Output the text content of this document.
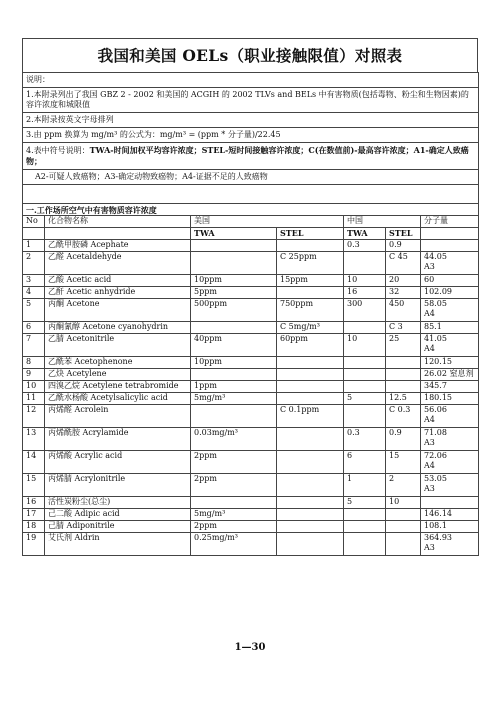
我国和美国 OELs（职业接触限值）对照表
说明：						
1.本附录列出了我国 GBZ 2 - 2002 和美国的 ACGIH 的 2002 TLVs and BELs 中有害物质(包括毒物、粉尘和生物因素)的容许浓度和城限值						
2.本附录按英文字母排列						
3.由 ppm 换算为 mg/m³ 的公式为：mg/m³ = (ppm * 分子量)/22.45						
4.表中符号说明：TWA-时间加权平均容许浓度；STEL-短时间接触容许浓度；C(在数值前)-最高容许浓度；A1-确定人致癌物；						
A2-可疑人致癌物；A3-确定动物致癌物；A4-证据不足的人致癌物						

一.工作场所空气中有害物质容许浓度						
No	化合物名称	美国		中国		分子量
		TWA	STEL	TWA	STEL	
1	乙酰甲胺磷 Acephate			0.3	0.9	

2	乙醛 Acetaldehyde		C 25ppm		C 45	44.05
A3

3	乙酸 Acetic acid	10ppm	15ppm	10	20	60

4	乙酐 Acetic anhydride	5ppm		16	32	102.09

5	丙酮 Acetone	500ppm	750ppm	300	450	58.05
A4

6	丙酮氰醇 Acetone cyanohydrin		C 5mg/m³		C 3	85.1

7	乙腈 Acetonitrile	40ppm	60ppm	10	25	41.05
A4

8	乙酰苯 Acetophenone	10ppm				120.15

9	乙炔 Acetylene					26.02 窒息剂

10	四溴乙烷 Acetylene tetrabromide	1ppm				345.7

11	乙酰水杨酸 Acetylsalicylic acid	5mg/m³		5	12.5	180.15

12	丙烯醛 Acrolein		C 0.1ppm		C 0.3	56.06
A4

13	丙烯酰胺 Acrylamide	0.03mg/m³		0.3	0.9	71.08
A3

14	丙烯酸 Acrylic acid	2ppm		6	15	72.06
A4

15	丙烯腈 Acrylonitrile	2ppm		1	2	53.05
A3

16	活性炭粉尘(总尘)			5	10	

17	己二酸 Adipic acid	5mg/m³				146.14

18	己腈 Adiponitrile	2ppm				108.1

19	艾氏剂 Aldrin	0.25mg/m³				364.93
A3
1—30
